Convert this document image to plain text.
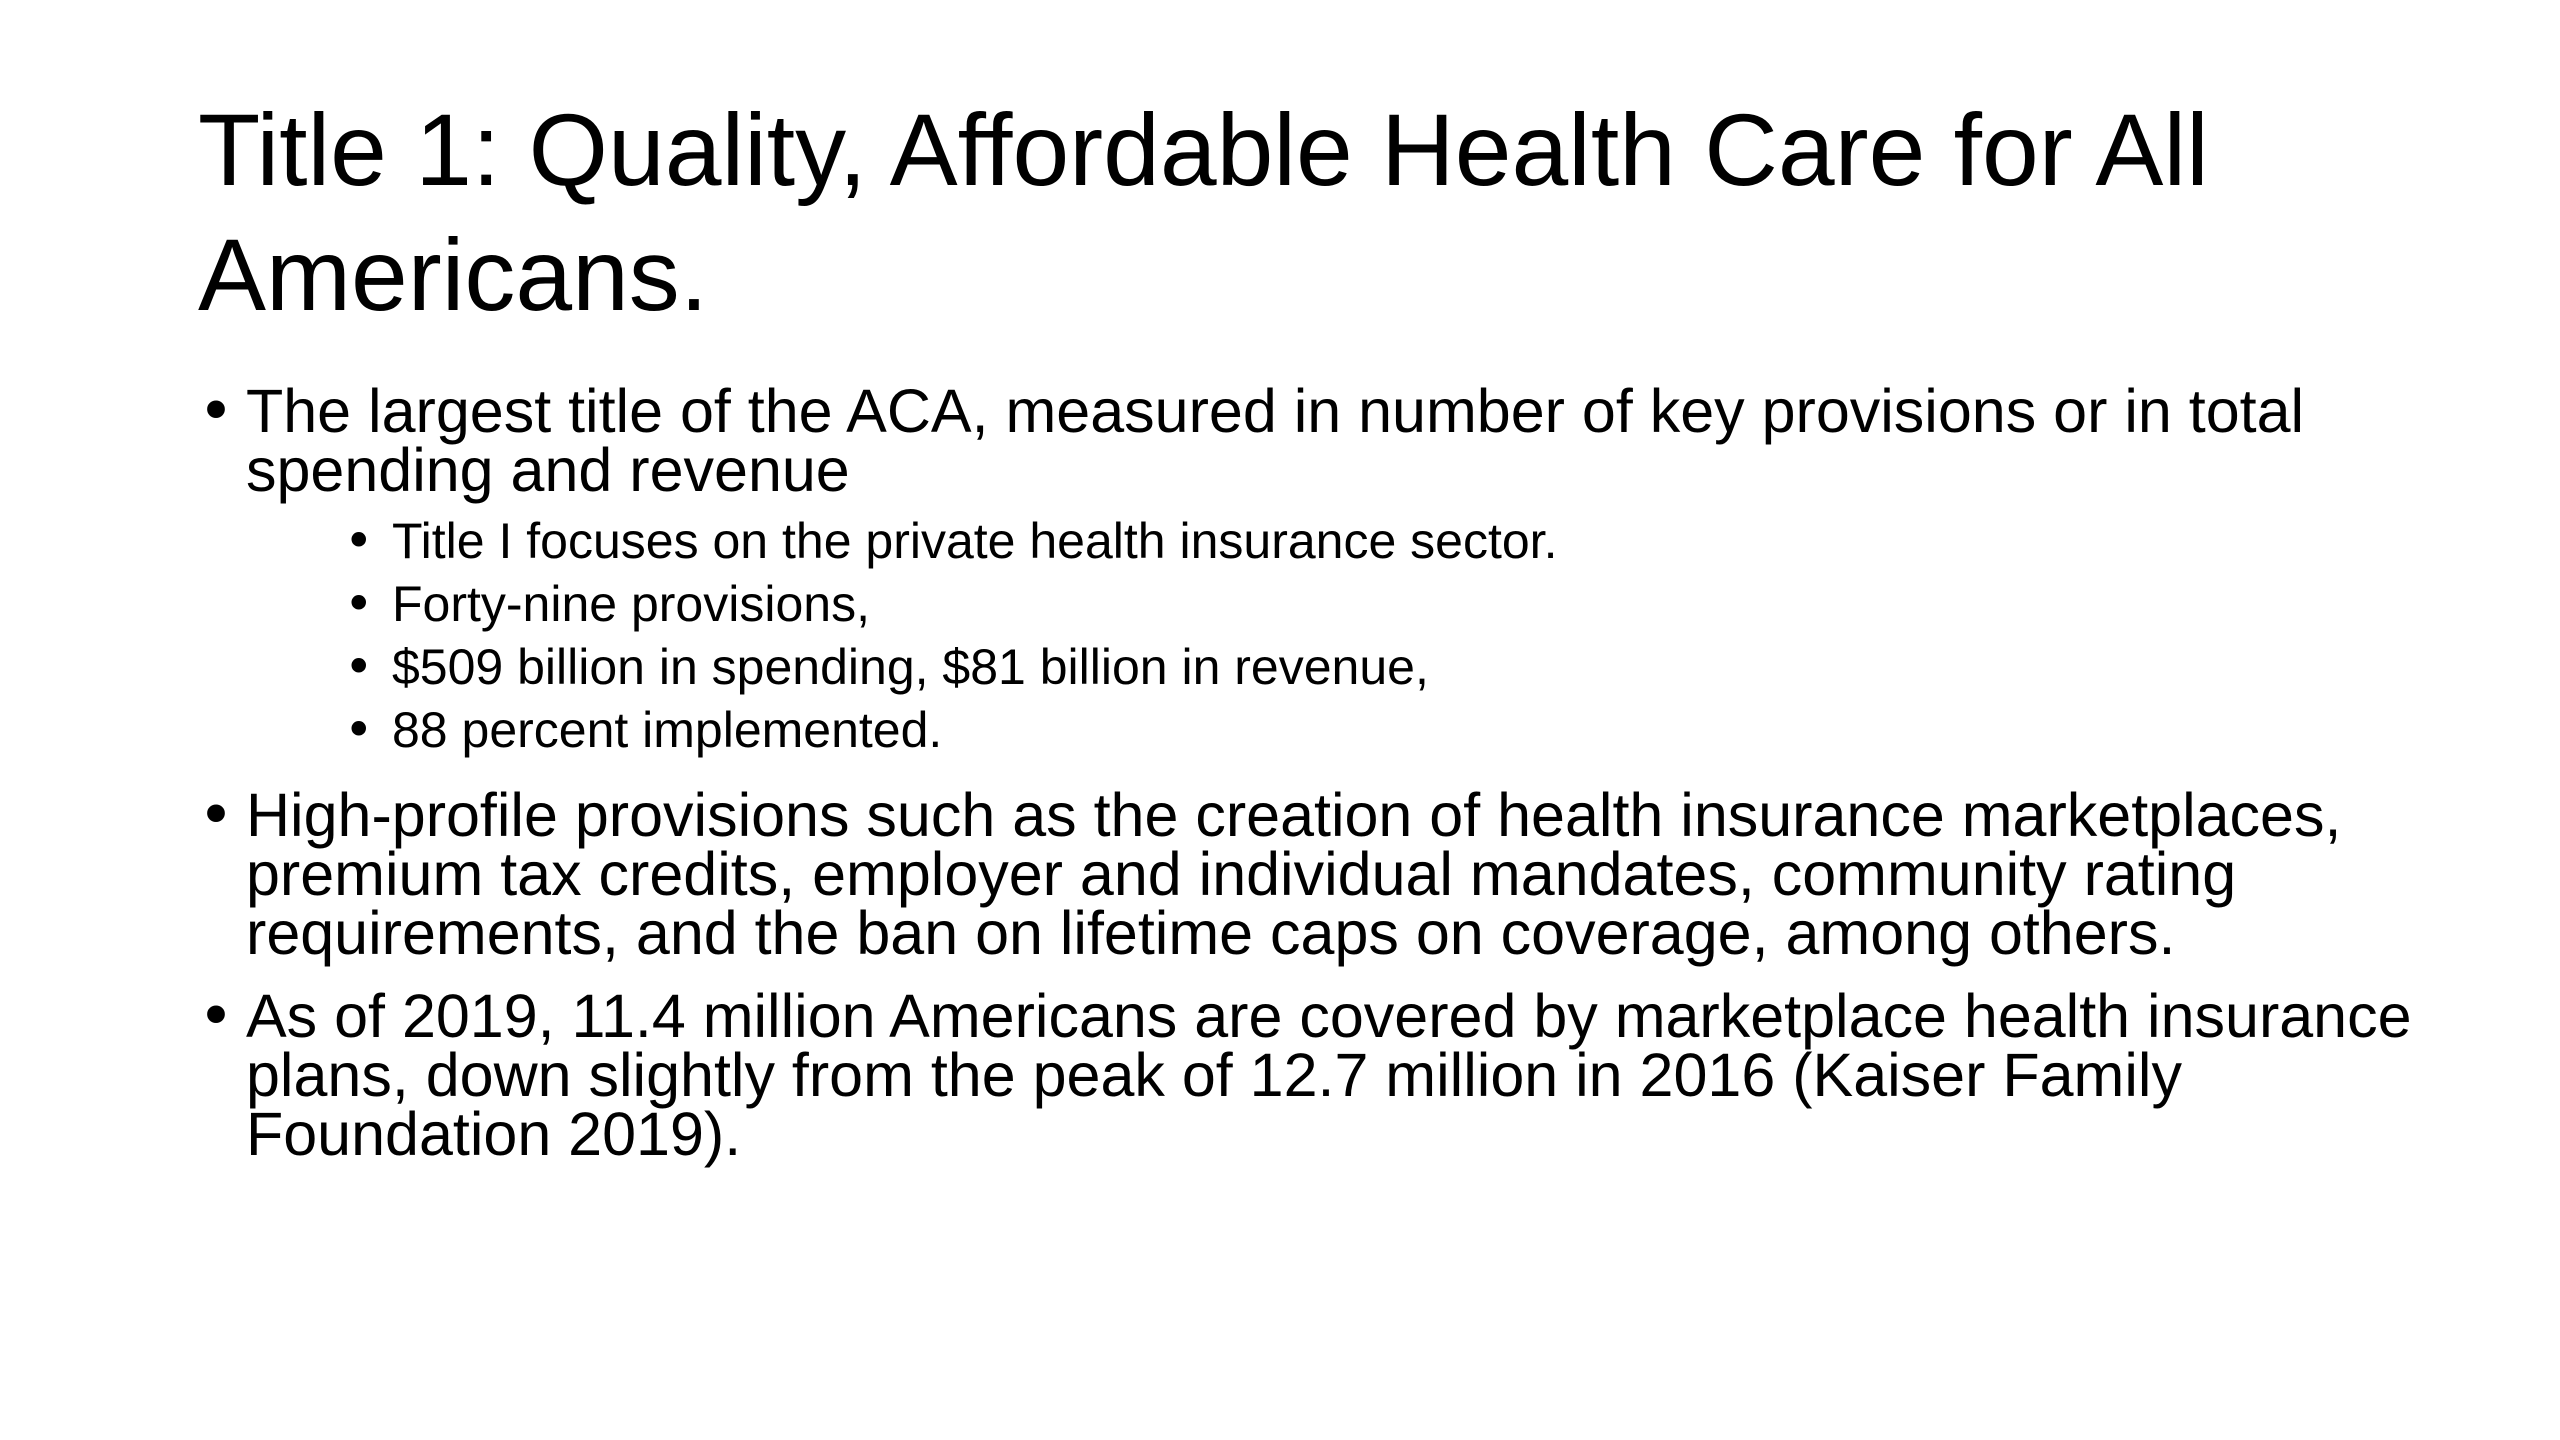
Title 1: Quality, Affordable Health Care for All Americans.
• The largest title of the ACA, measured in number of key provisions or in total spending and revenue
• Title I focuses on the private health insurance sector.
• Forty-nine provisions,
• $509 billion in spending, $81 billion in revenue,
• 88 percent implemented.
• High-profile provisions such as the creation of health insurance marketplaces, premium tax credits, employer and individual mandates, community rating requirements, and the ban on lifetime caps on coverage, among others.
• As of 2019, 11.4 million Americans are covered by marketplace health insurance plans, down slightly from the peak of 12.7 million in 2016 (Kaiser Family Foundation 2019).
